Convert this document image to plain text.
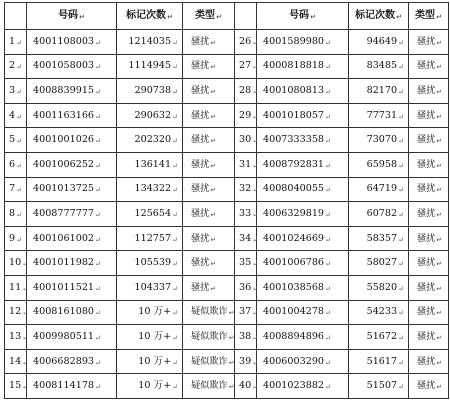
	号码↵	标记次数↵	类型↵		号码↵	标记次数↵	类型↵
1↵	4001108003↵	1214035↵	骚扰↵	26↵	4001589980↵	94649↵	骚扰↵
2↵	4001058003↵	1114945↵	骚扰↵	27↵	4000818818↵	83485↵	骚扰↵
3↵	4008839915↵	290738↵	骚扰↵	28↵	4001080813↵	82170↵	骚扰↵
4↵	4001163166↵	290632↵	骚扰↵	29↵	4001018057↵	77731↵	骚扰↵
5↵	4001001026↵	202320↵	骚扰↵	30↵	4007333358↵	73070↵	骚扰↵
6↵	4001006252↵	136141↵	骚扰↵	31↵	4008792831↵	65958↵	骚扰↵
7↵	4001013725↵	134322↵	骚扰↵	32↵	4008040055↵	64719↵	骚扰↵
8↵	4008777777↵	125654↵	骚扰↵	33↵	4006329819↵	60782↵	骚扰↵
9↵	4001061002↵	112757↵	骚扰↵	34↵	4001024669↵	58357↵	骚扰↵
10↵	4001011982↵	105539↵	骚扰↵	35↵	4001006786↵	58027↵	骚扰↵
11↵	4001011521↵	104337↵	骚扰↵	36↵	4001038568↵	55820↵	骚扰↵
12↵	4008161080↵	10 万+↵	疑似欺诈↵	37↵	4001004278↵	54233↵	骚扰↵
13↵	4009980511↵	10 万+↵	疑似欺诈↵	38↵	4008894896↵	51672↵	骚扰↵
14↵	4006682893↵	10 万+↵	疑似欺诈↵	39↵	4006003290↵	51617↵	骚扰↵
15↵	4008114178↵	10 万+↵	疑似欺诈↵	40↵	4001023882↵	51507↵	骚扰↵
